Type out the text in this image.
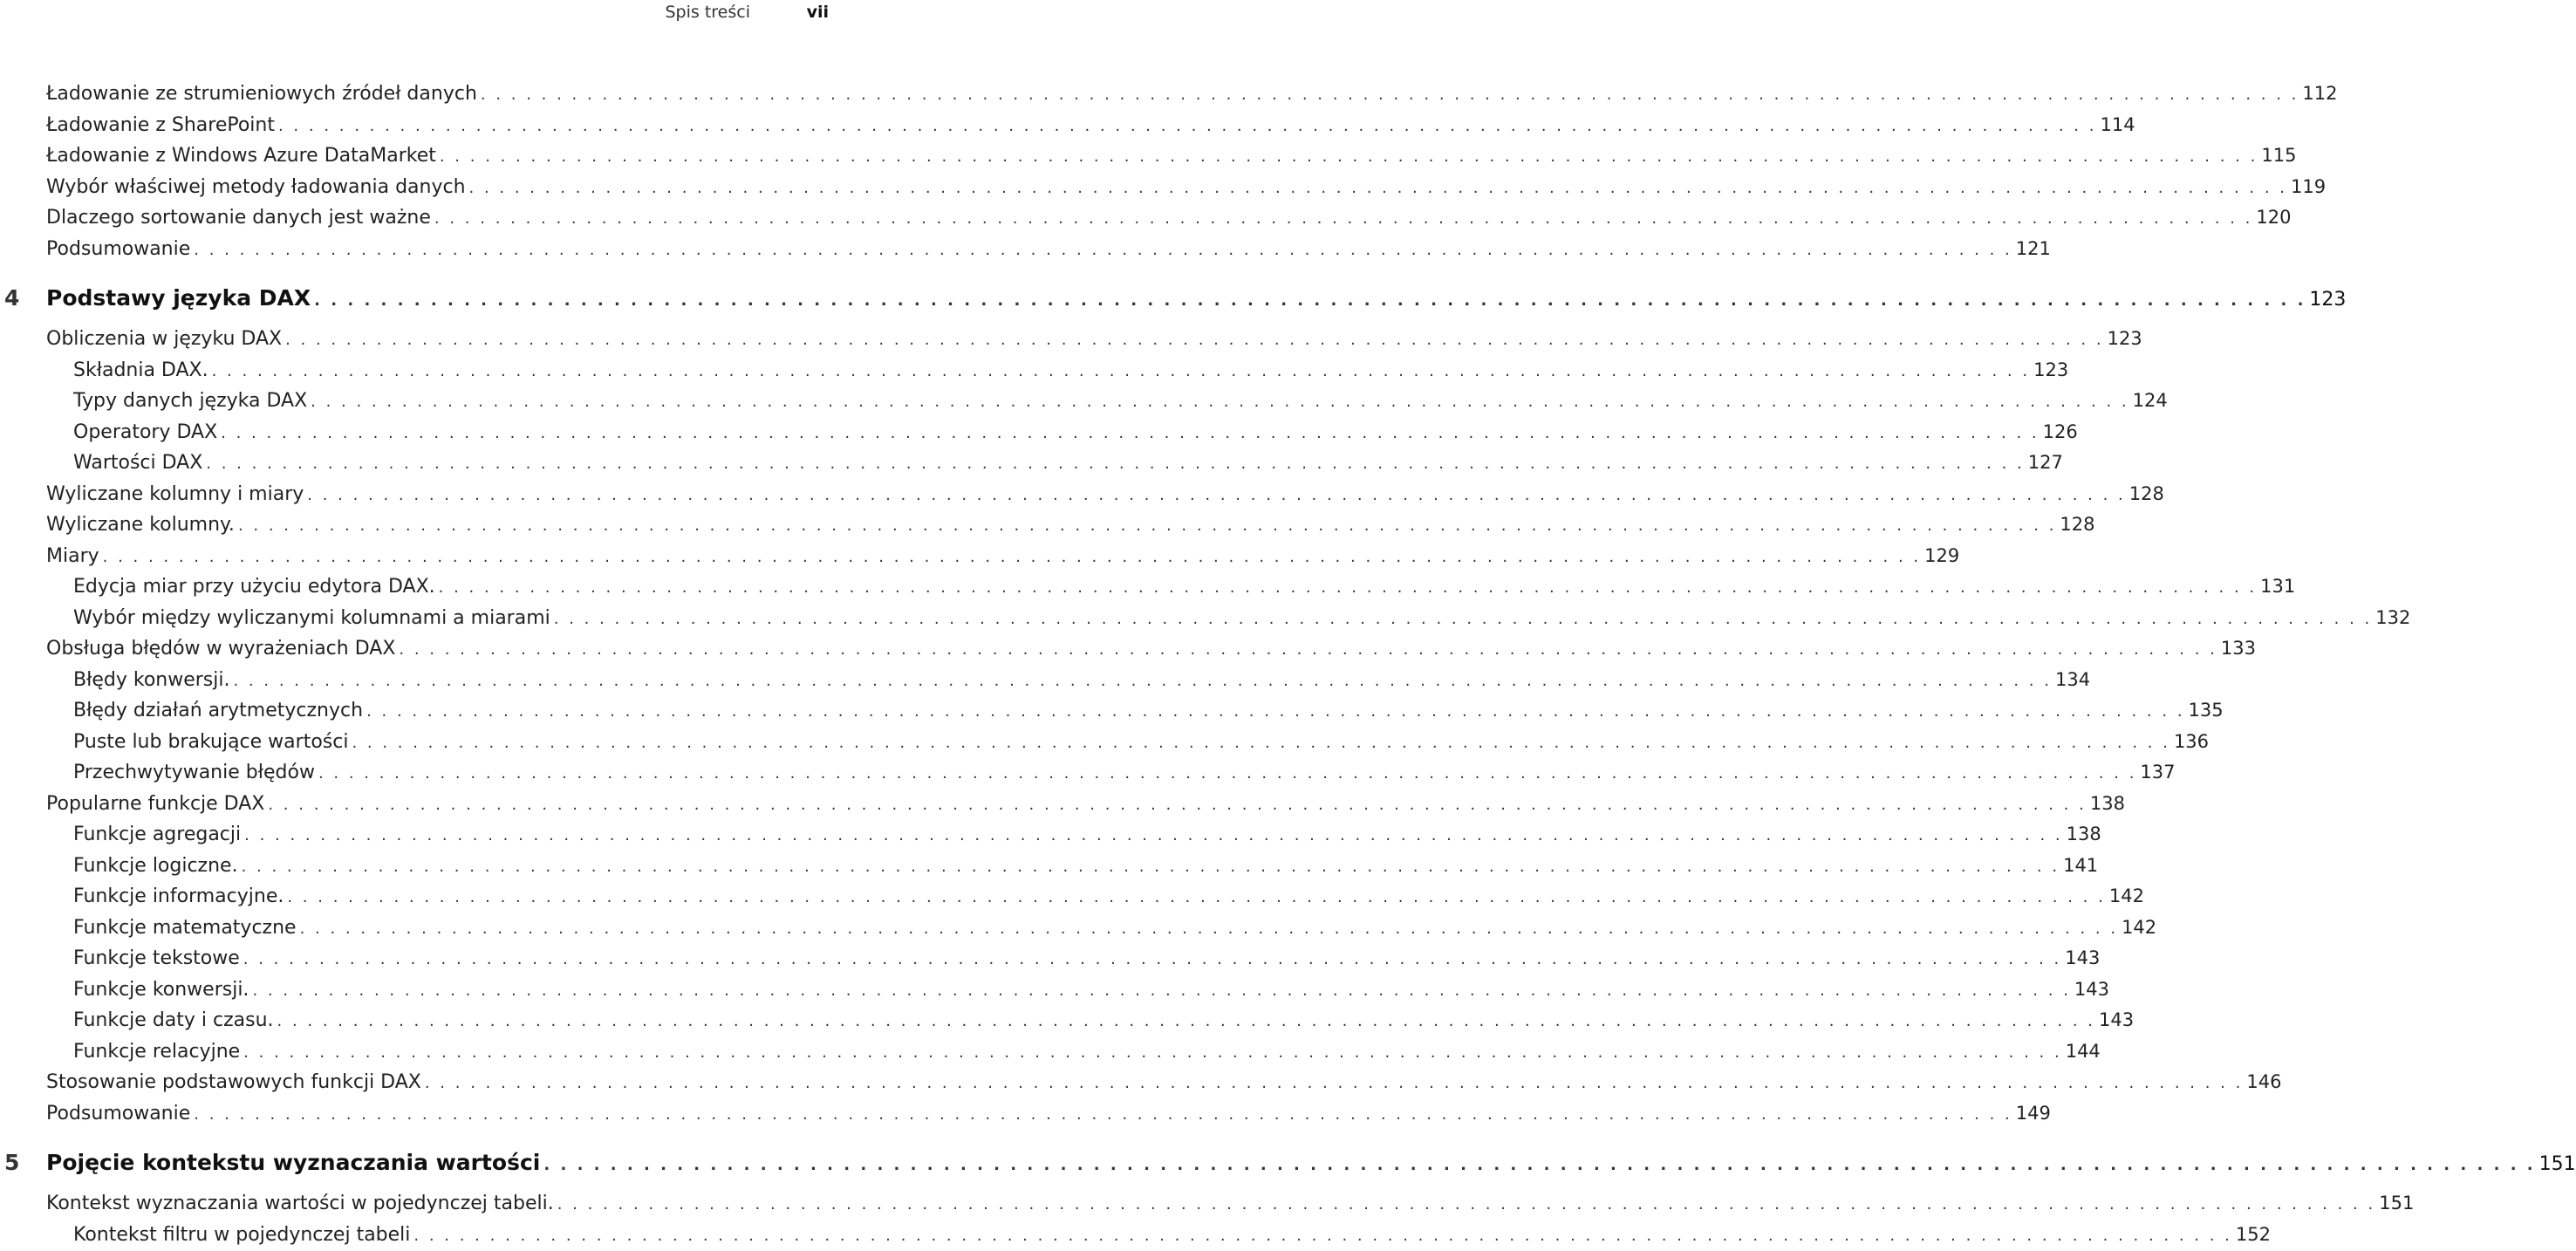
Spis treści	vii
Ładowanie ze strumieniowych źródeł danych . . . . . . . . . . . . . . . . . . . . . . . . . . . . . . . . . . . . . . . . . . . . . . . . . . . . . . . . . . . . . . . . . . . . . . . . . . . . . . . . . . . . . . . . . . . . . . . . . . . . . . . . . . . . . . . . . . . . . . . . 112
Ładowanie z SharePoint . . . . . . . . . . . . . . . . . . . . . . . . . . . . . . . . . . . . . . . . . . . . . . . . . . . . . . . . . . . . . . . . . . . . . . . . . . . . . . . . . . . . . . . . . . . . . . . . . . . . . . . . . . . . . . . . . . . . . . . . 114
Ładowanie z Windows Azure DataMarket . . . . . . . . . . . . . . . . . . . . . . . . . . . . . . . . . . . . . . . . . . . . . . . . . . . . . . . . . . . . . . . . . . . . . . . . . . . . . . . . . . . . . . . . . . . . . . . . . . . . . . . . . . . . . . . . . . . . . . . . 115
Wybór właściwej metody ładowania danych . . . . . . . . . . . . . . . . . . . . . . . . . . . . . . . . . . . . . . . . . . . . . . . . . . . . . . . . . . . . . . . . . . . . . . . . . . . . . . . . . . . . . . . . . . . . . . . . . . . . . . . . . . . . . . . . . . . . . . . . 119
Dlaczego sortowanie danych jest ważne . . . . . . . . . . . . . . . . . . . . . . . . . . . . . . . . . . . . . . . . . . . . . . . . . . . . . . . . . . . . . . . . . . . . . . . . . . . . . . . . . . . . . . . . . . . . . . . . . . . . . . . . . . . . . . . . . . . . . . . . 120
Podsumowanie . . . . . . . . . . . . . . . . . . . . . . . . . . . . . . . . . . . . . . . . . . . . . . . . . . . . . . . . . . . . . . . . . . . . . . . . . . . . . . . . . . . . . . . . . . . . . . . . . . . . . . . . . . . . . . . . . . . . . . . . 121
4 Podstawy języka DAX . . . . . . . . . . . . . . . . . . . . . . . . . . . . . . . . . . . . . . . . . . . . . . . . . . . . . . . . . . . . . . . . . . . . . . . . . . . . . . . . . . . . . . . . . . . . . . . . . . . . . . . . . . . . . . . . . . . . . . . . 123
Obliczenia w języku DAX . . . . . . . . . . . . . . . . . . . . . . . . . . . . . . . . . . . . . . . . . . . . . . . . . . . . . . . . . . . . . . . . . . . . . . . . . . . . . . . . . . . . . . . . . . . . . . . . . . . . . . . . . . . . . . . . . . . . . . . . 123
Składnia DAX. . . . . . . . . . . . . . . . . . . . . . . . . . . . . . . . . . . . . . . . . . . . . . . . . . . . . . . . . . . . . . . . . . . . . . . . . . . . . . . . . . . . . . . . . . . . . . . . . . . . . . . . . . . . . . . . . . . . . . . . . 123
Typy danych języka DAX . . . . . . . . . . . . . . . . . . . . . . . . . . . . . . . . . . . . . . . . . . . . . . . . . . . . . . . . . . . . . . . . . . . . . . . . . . . . . . . . . . . . . . . . . . . . . . . . . . . . . . . . . . . . . . . . . . . . . . . . 124
Operatory DAX . . . . . . . . . . . . . . . . . . . . . . . . . . . . . . . . . . . . . . . . . . . . . . . . . . . . . . . . . . . . . . . . . . . . . . . . . . . . . . . . . . . . . . . . . . . . . . . . . . . . . . . . . . . . . . . . . . . . . . . . 126
Wartości DAX . . . . . . . . . . . . . . . . . . . . . . . . . . . . . . . . . . . . . . . . . . . . . . . . . . . . . . . . . . . . . . . . . . . . . . . . . . . . . . . . . . . . . . . . . . . . . . . . . . . . . . . . . . . . . . . . . . . . . . . . 127
Wyliczane kolumny i miary . . . . . . . . . . . . . . . . . . . . . . . . . . . . . . . . . . . . . . . . . . . . . . . . . . . . . . . . . . . . . . . . . . . . . . . . . . . . . . . . . . . . . . . . . . . . . . . . . . . . . . . . . . . . . . . . . . . . . . . . 128
Wyliczane kolumny. . . . . . . . . . . . . . . . . . . . . . . . . . . . . . . . . . . . . . . . . . . . . . . . . . . . . . . . . . . . . . . . . . . . . . . . . . . . . . . . . . . . . . . . . . . . . . . . . . . . . . . . . . . . . . . . . . . . . . . . . 128
Miary . . . . . . . . . . . . . . . . . . . . . . . . . . . . . . . . . . . . . . . . . . . . . . . . . . . . . . . . . . . . . . . . . . . . . . . . . . . . . . . . . . . . . . . . . . . . . . . . . . . . . . . . . . . . . . . . . . . . . . . . 129
Edycja miar przy użyciu edytora DAX. . . . . . . . . . . . . . . . . . . . . . . . . . . . . . . . . . . . . . . . . . . . . . . . . . . . . . . . . . . . . . . . . . . . . . . . . . . . . . . . . . . . . . . . . . . . . . . . . . . . . . . . . . . . . . . . . . . . . . . . . 131
Wybór między wyliczanymi kolumnami a miarami . . . . . . . . . . . . . . . . . . . . . . . . . . . . . . . . . . . . . . . . . . . . . . . . . . . . . . . . . . . . . . . . . . . . . . . . . . . . . . . . . . . . . . . . . . . . . . . . . . . . . . . . . . . . . . . . . . . . . . . . 132
Obsługa błędów w wyrażeniach DAX . . . . . . . . . . . . . . . . . . . . . . . . . . . . . . . . . . . . . . . . . . . . . . . . . . . . . . . . . . . . . . . . . . . . . . . . . . . . . . . . . . . . . . . . . . . . . . . . . . . . . . . . . . . . . . . . . . . . . . . . 133
Błędy konwersji. . . . . . . . . . . . . . . . . . . . . . . . . . . . . . . . . . . . . . . . . . . . . . . . . . . . . . . . . . . . . . . . . . . . . . . . . . . . . . . . . . . . . . . . . . . . . . . . . . . . . . . . . . . . . . . . . . . . . . . . . 134
Błędy działań arytmetycznych . . . . . . . . . . . . . . . . . . . . . . . . . . . . . . . . . . . . . . . . . . . . . . . . . . . . . . . . . . . . . . . . . . . . . . . . . . . . . . . . . . . . . . . . . . . . . . . . . . . . . . . . . . . . . . . . . . . . . . . . 135
Puste lub brakujące wartości . . . . . . . . . . . . . . . . . . . . . . . . . . . . . . . . . . . . . . . . . . . . . . . . . . . . . . . . . . . . . . . . . . . . . . . . . . . . . . . . . . . . . . . . . . . . . . . . . . . . . . . . . . . . . . . . . . . . . . . . 136
Przechwytywanie błędów . . . . . . . . . . . . . . . . . . . . . . . . . . . . . . . . . . . . . . . . . . . . . . . . . . . . . . . . . . . . . . . . . . . . . . . . . . . . . . . . . . . . . . . . . . . . . . . . . . . . . . . . . . . . . . . . . . . . . . . . 137
Popularne funkcje DAX . . . . . . . . . . . . . . . . . . . . . . . . . . . . . . . . . . . . . . . . . . . . . . . . . . . . . . . . . . . . . . . . . . . . . . . . . . . . . . . . . . . . . . . . . . . . . . . . . . . . . . . . . . . . . . . . . . . . . . . . 138
Funkcje agregacji . . . . . . . . . . . . . . . . . . . . . . . . . . . . . . . . . . . . . . . . . . . . . . . . . . . . . . . . . . . . . . . . . . . . . . . . . . . . . . . . . . . . . . . . . . . . . . . . . . . . . . . . . . . . . . . . . . . . . . . . 138
Funkcje logiczne. . . . . . . . . . . . . . . . . . . . . . . . . . . . . . . . . . . . . . . . . . . . . . . . . . . . . . . . . . . . . . . . . . . . . . . . . . . . . . . . . . . . . . . . . . . . . . . . . . . . . . . . . . . . . . . . . . . . . . . . . 141
Funkcje informacyjne. . . . . . . . . . . . . . . . . . . . . . . . . . . . . . . . . . . . . . . . . . . . . . . . . . . . . . . . . . . . . . . . . . . . . . . . . . . . . . . . . . . . . . . . . . . . . . . . . . . . . . . . . . . . . . . . . . . . . . . . . 142
Funkcje matematyczne . . . . . . . . . . . . . . . . . . . . . . . . . . . . . . . . . . . . . . . . . . . . . . . . . . . . . . . . . . . . . . . . . . . . . . . . . . . . . . . . . . . . . . . . . . . . . . . . . . . . . . . . . . . . . . . . . . . . . . . . 142
Funkcje tekstowe . . . . . . . . . . . . . . . . . . . . . . . . . . . . . . . . . . . . . . . . . . . . . . . . . . . . . . . . . . . . . . . . . . . . . . . . . . . . . . . . . . . . . . . . . . . . . . . . . . . . . . . . . . . . . . . . . . . . . . . . 143
Funkcje konwersji. . . . . . . . . . . . . . . . . . . . . . . . . . . . . . . . . . . . . . . . . . . . . . . . . . . . . . . . . . . . . . . . . . . . . . . . . . . . . . . . . . . . . . . . . . . . . . . . . . . . . . . . . . . . . . . . . . . . . . . . . 143
Funkcje daty i czasu. . . . . . . . . . . . . . . . . . . . . . . . . . . . . . . . . . . . . . . . . . . . . . . . . . . . . . . . . . . . . . . . . . . . . . . . . . . . . . . . . . . . . . . . . . . . . . . . . . . . . . . . . . . . . . . . . . . . . . . . . 143
Funkcje relacyjne . . . . . . . . . . . . . . . . . . . . . . . . . . . . . . . . . . . . . . . . . . . . . . . . . . . . . . . . . . . . . . . . . . . . . . . . . . . . . . . . . . . . . . . . . . . . . . . . . . . . . . . . . . . . . . . . . . . . . . . . 144
Stosowanie podstawowych funkcji DAX . . . . . . . . . . . . . . . . . . . . . . . . . . . . . . . . . . . . . . . . . . . . . . . . . . . . . . . . . . . . . . . . . . . . . . . . . . . . . . . . . . . . . . . . . . . . . . . . . . . . . . . . . . . . . . . . . . . . . . . . 146
Podsumowanie . . . . . . . . . . . . . . . . . . . . . . . . . . . . . . . . . . . . . . . . . . . . . . . . . . . . . . . . . . . . . . . . . . . . . . . . . . . . . . . . . . . . . . . . . . . . . . . . . . . . . . . . . . . . . . . . . . . . . . . . 149
5 Pojęcie kontekstu wyznaczania wartości . . . . . . . . . . . . . . . . . . . . . . . . . . . . . . . . . . . . . . . . . . . . . . . . . . . . . . . . . . . . . . . . . . . . . . . . . . . . . . . . . . . . . . . . . . . . . . . . . . . . . . . . . . . . . . . . . . . . . . . . 151
Kontekst wyznaczania wartości w pojedynczej tabeli. . . . . . . . . . . . . . . . . . . . . . . . . . . . . . . . . . . . . . . . . . . . . . . . . . . . . . . . . . . . . . . . . . . . . . . . . . . . . . . . . . . . . . . . . . . . . . . . . . . . . . . . . . . . . . . . . . . . . . . . . 151
Kontekst filtru w pojedynczej tabeli . . . . . . . . . . . . . . . . . . . . . . . . . . . . . . . . . . . . . . . . . . . . . . . . . . . . . . . . . . . . . . . . . . . . . . . . . . . . . . . . . . . . . . . . . . . . . . . . . . . . . . . . . . . . . . . . . . . . . . . . 152
